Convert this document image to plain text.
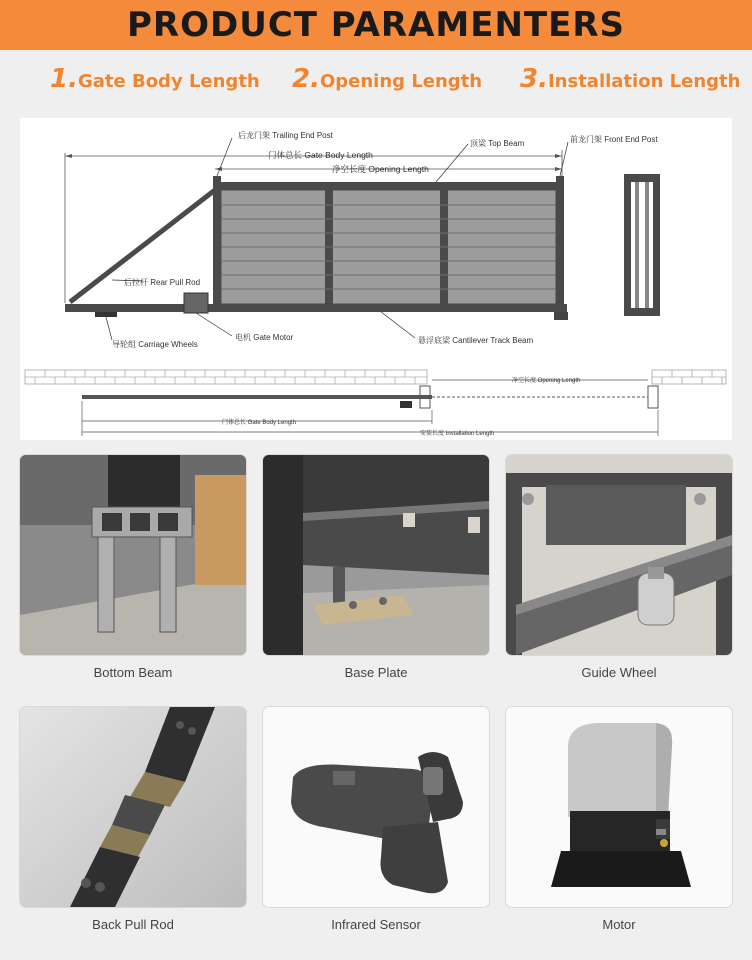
PRODUCT PARAMENTERS
1.Gate Body Length 2.Opening Length 3.Installation Length
后龙门架 Trailing End Post
门体总长 Gate Body Length
净空长度 Opening Length
顶梁 Top Beam	前龙门架 Front End Post
后拉杆 Rear Pull Rod
导轮组 Carriage Wheels
电机 Gate Motor	悬浮底梁 Cantilever Track Beam
净空长度 Opening Length
门体总长 Gate Body Length
安装长度 Installation Length
Bottom Beam	Base Plate	Guide Wheel
Back Pull Rod	Infrared Sensor	Motor
